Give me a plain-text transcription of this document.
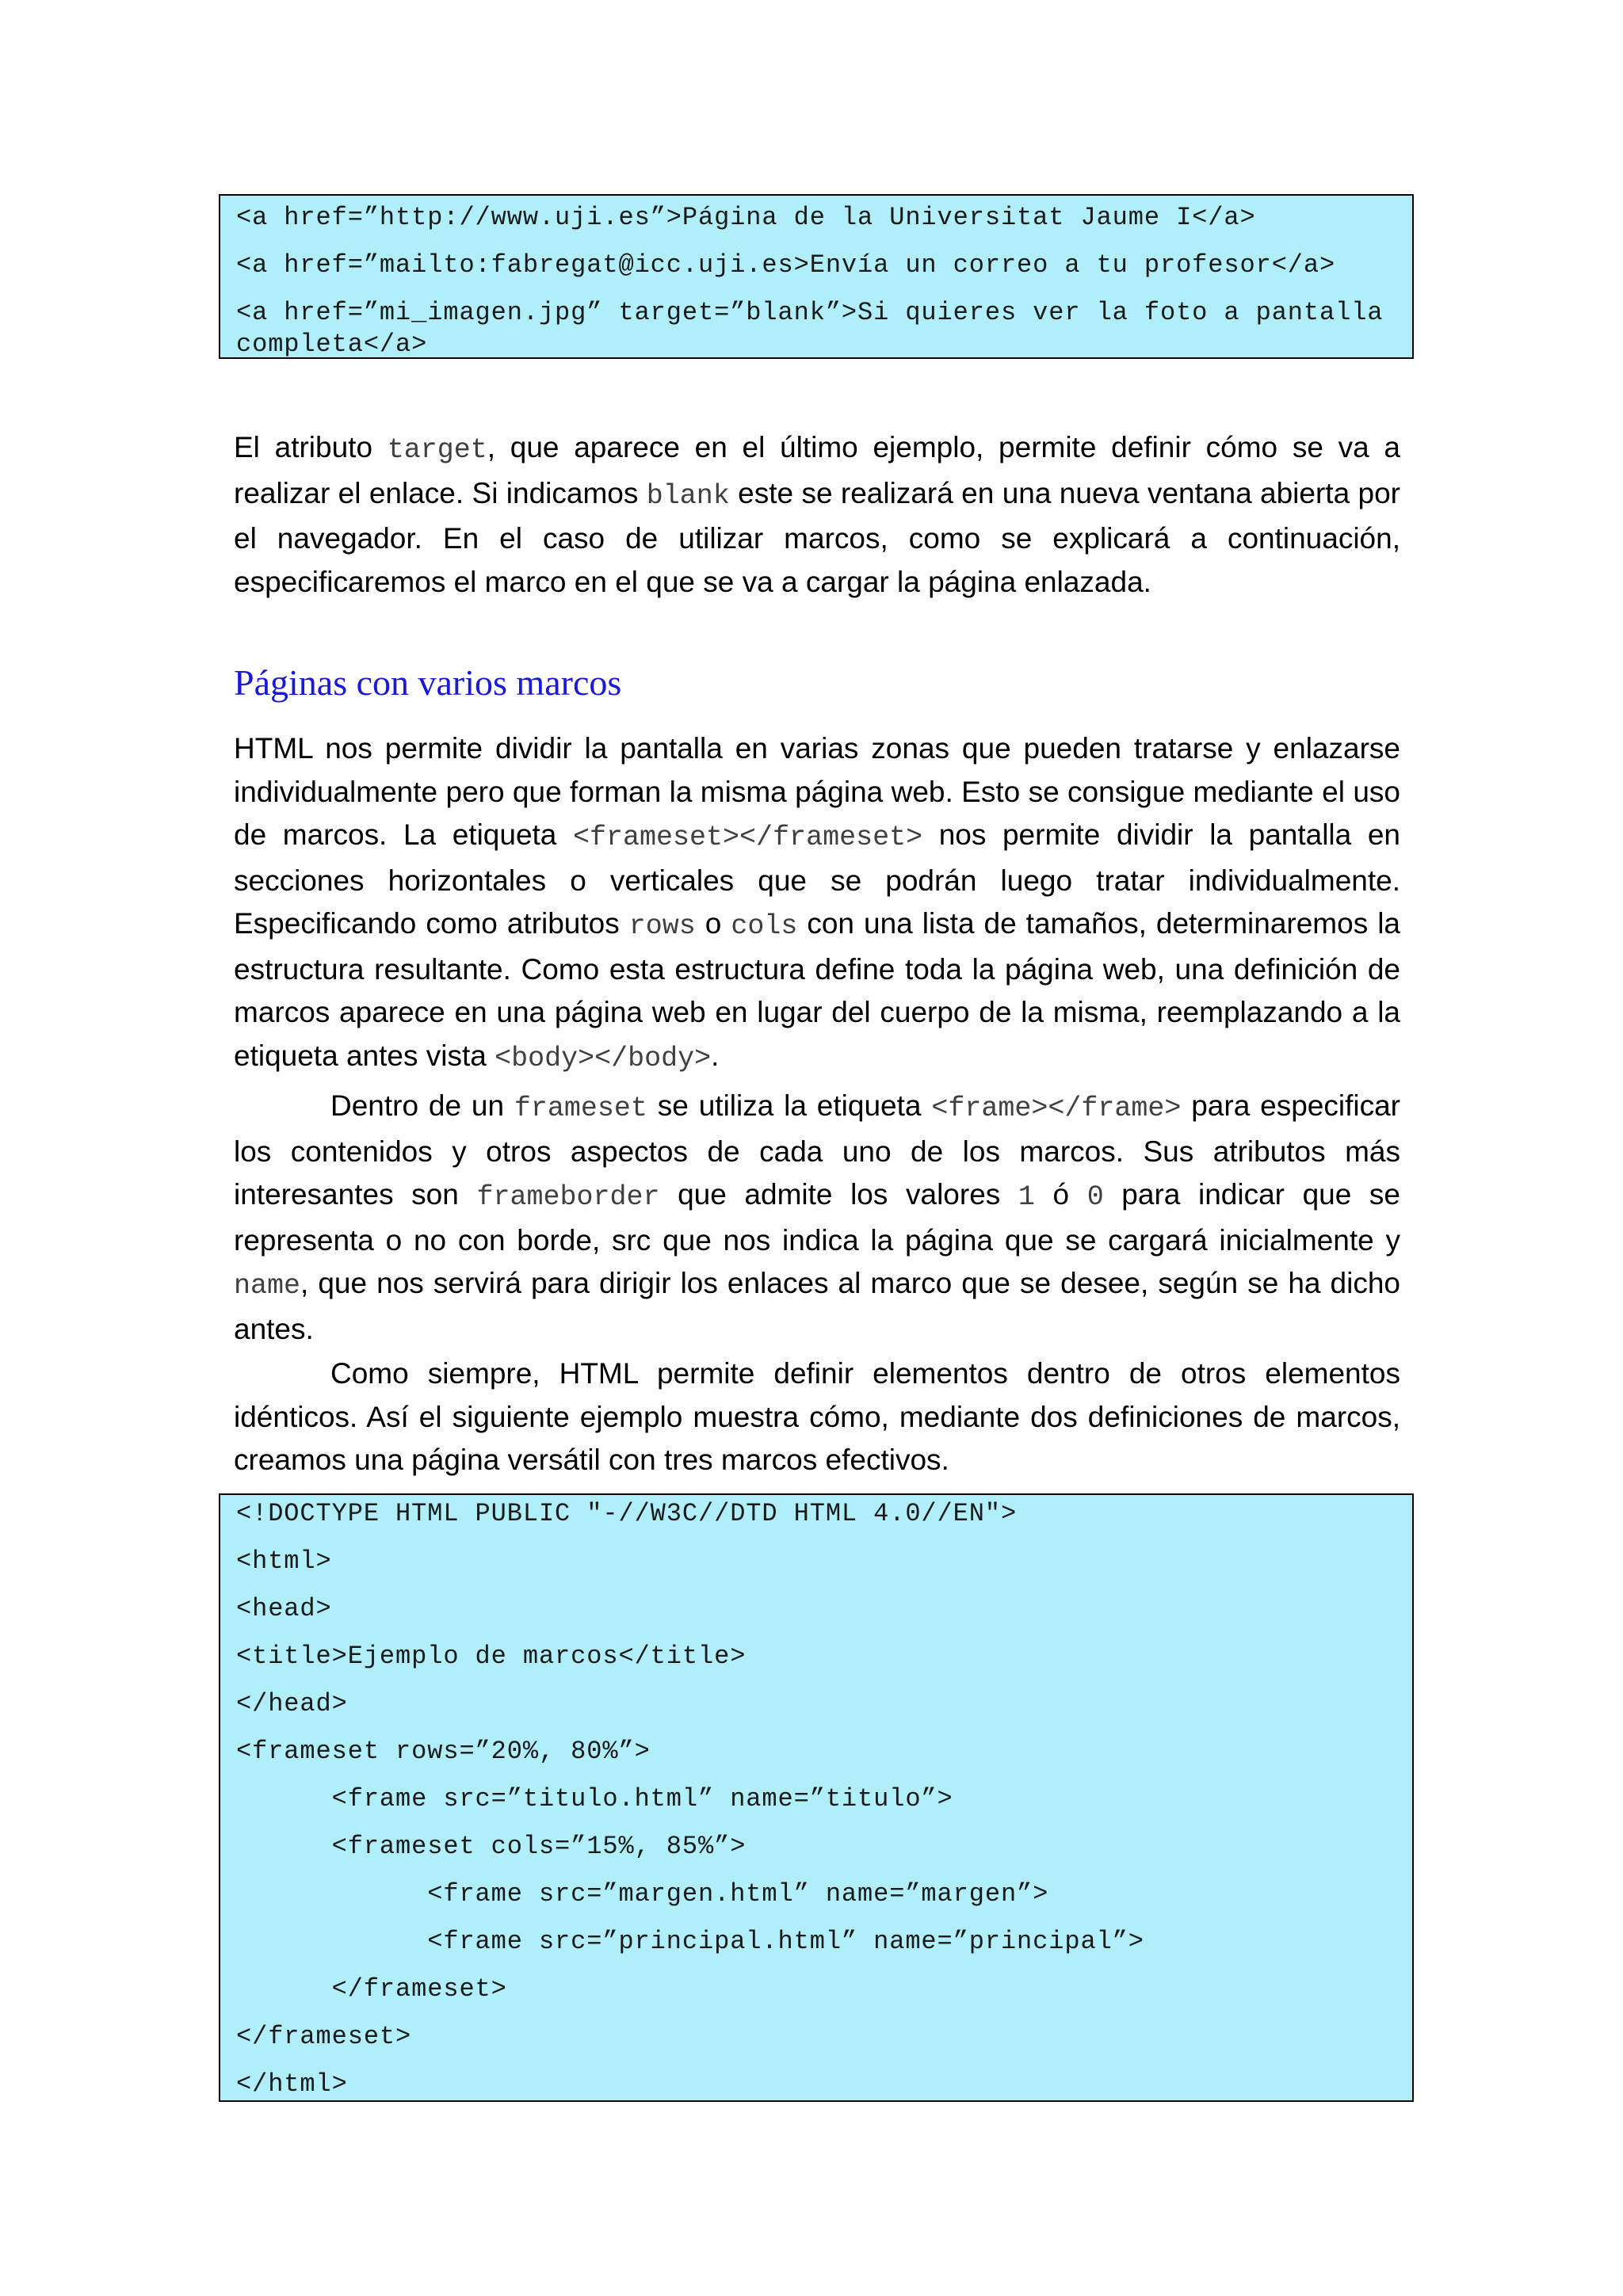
<a href=”http://www.uji.es”>Página de la Universitat Jaume I</a>
<a href=”mailto:fabregat@icc.uji.es>Envía un correo a tu profesor</a>
<a href=”mi_imagen.jpg” target=”blank”>Si quieres ver la foto a pantalla completa</a>

El atributo target, que aparece en el último ejemplo, permite definir cómo se va a realizar el enlace. Si indicamos blank este se realizará en una nueva ventana abierta por el navegador. En el caso de utilizar marcos, como se explicará a continuación, especificaremos el marco en el que se va a cargar la página enlazada.

Páginas con varios marcos

HTML nos permite dividir la pantalla en varias zonas que pueden tratarse y enlazarse individualmente pero que forman la misma página web. Esto se consigue mediante el uso de marcos. La etiqueta <frameset></frameset> nos permite dividir la pantalla en secciones horizontales o verticales que se podrán luego tratar individualmente. Especificando como atributos rows o cols con una lista de tamaños, determinaremos la estructura resultante. Como esta estructura define toda la página web, una definición de marcos aparece en una página web en lugar del cuerpo de la misma, reemplazando a la etiqueta antes vista <body></body>.

Dentro de un frameset se utiliza la etiqueta <frame></frame> para especificar los contenidos y otros aspectos de cada uno de los marcos. Sus atributos más interesantes son frameborder que admite los valores 1 ó 0 para indicar que se representa o no con borde, src que nos indica la página que se cargará inicialmente y name, que nos servirá para dirigir los enlaces al marco que se desee, según se ha dicho antes.

Como siempre, HTML permite definir elementos dentro de otros elementos idénticos. Así el siguiente ejemplo muestra cómo, mediante dos definiciones de marcos, creamos una página versátil con tres marcos efectivos.

<!DOCTYPE HTML PUBLIC "-//W3C//DTD HTML 4.0//EN">
<html>
<head>
<title>Ejemplo de marcos</title>
</head>
<frameset rows=”20%, 80%”>
<frame src=”titulo.html” name=”titulo”>
<frameset cols=”15%, 85%”>
<frame src=”margen.html” name=”margen”>
<frame src=”principal.html” name=”principal”>
</frameset>
</frameset>
</html>
